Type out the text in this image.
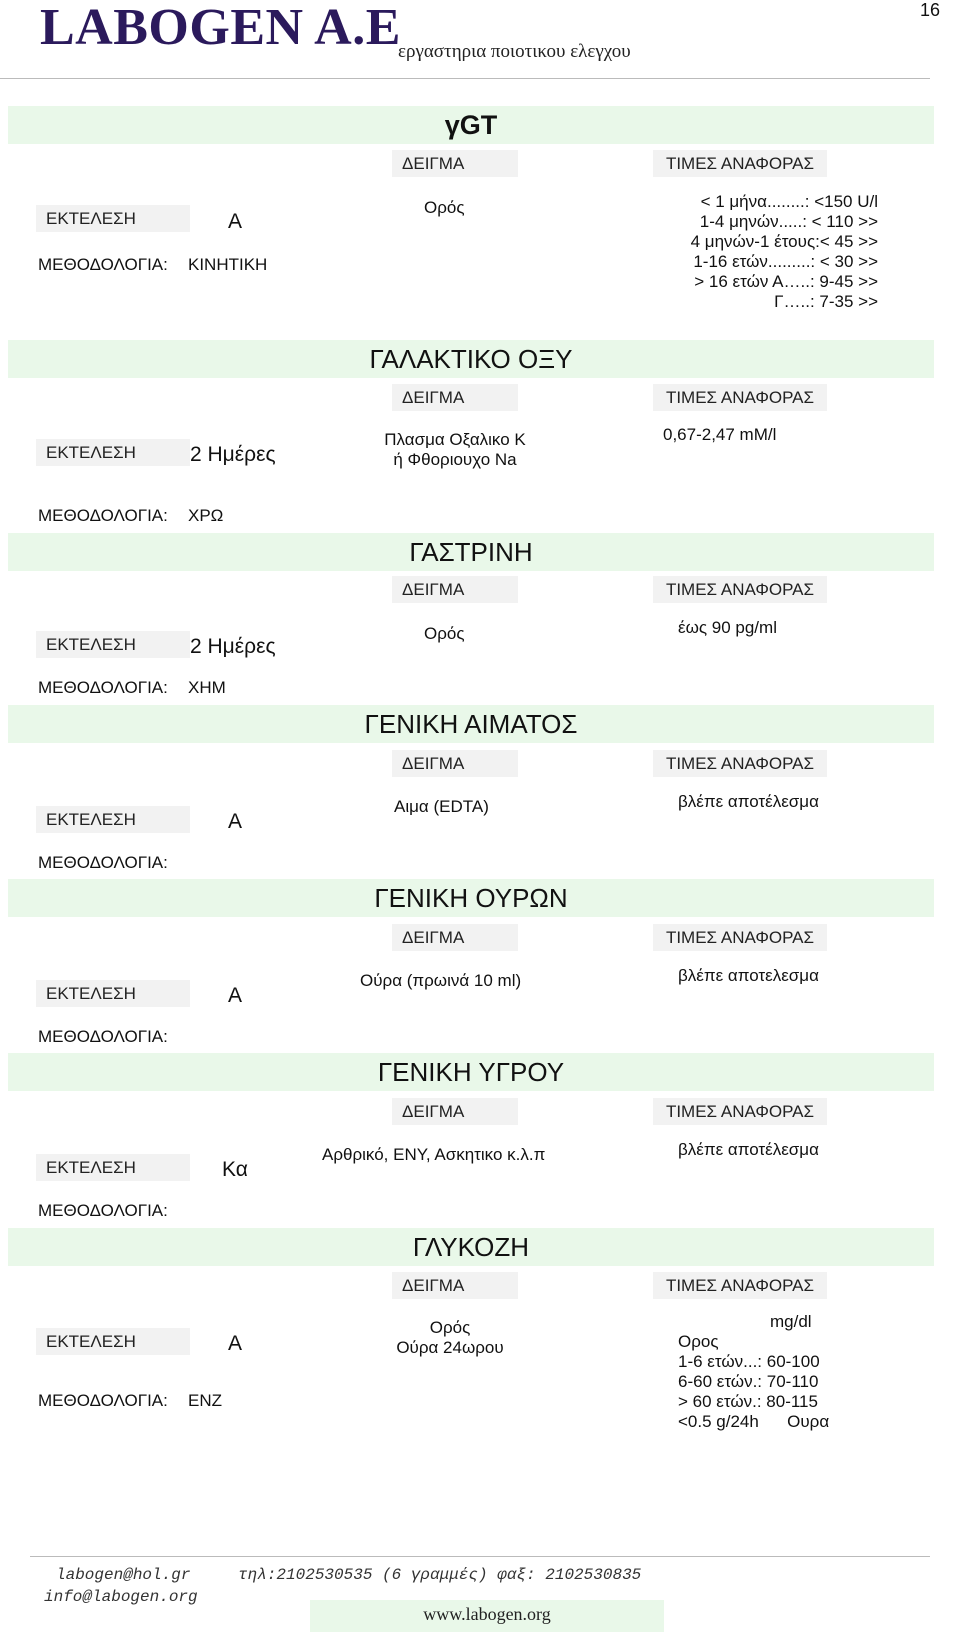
LABOGEN A.E
εργαστηρια ποιοτικου ελεγχου
16
γGT
ΔΕΙΓΜΑ	ΤΙΜΕΣ ΑΝΑΦΟΡΑΣ
ΕΚΤΕΛΕΣΗ	Α
ΜΕΘΟΔΟΛΟΓΙΑ: ΚΙΝΗΤΙΚΗ
Ορός	< 1 μήνα........: <150 U/l
1-4 μηνών.....: < 110 >>
4 μηνών-1 έτους:< 45 >>
1-16 ετών.........: < 30 >>
> 16 ετών Α…..: 9-45 >>
Γ…..: 7-35 >>
ΓΑΛΑΚΤΙΚΟ ΟΞΥ
ΔΕΙΓΜΑ	ΤΙΜΕΣ ΑΝΑΦΟΡΑΣ
ΕΚΤΕΛΕΣΗ	2 Ημέρες
Πλασμα Οξαλικο Κ
ή Φθοριουχο Na
0,67-2,47 mM/l
ΜΕΘΟΔΟΛΟΓΙΑ: ΧΡΩ
ΓΑΣΤΡΙΝΗ
ΔΕΙΓΜΑ	ΤΙΜΕΣ ΑΝΑΦΟΡΑΣ
ΕΚΤΕΛΕΣΗ	2 Ημέρες
Ορός	έως 90 pg/ml
ΜΕΘΟΔΟΛΟΓΙΑ: ΧΗΜ
ΓΕΝΙΚΗ ΑΙΜΑΤΟΣ
ΔΕΙΓΜΑ	ΤΙΜΕΣ ΑΝΑΦΟΡΑΣ
ΕΚΤΕΛΕΣΗ	Α
Αιμα (EDTA)	βλέπε αποτέλεσμα
ΜΕΘΟΔΟΛΟΓΙΑ:
ΓΕΝΙΚΗ ΟΥΡΩΝ
ΔΕΙΓΜΑ	ΤΙΜΕΣ ΑΝΑΦΟΡΑΣ
ΕΚΤΕΛΕΣΗ	Α
Ούρα (πρωινά 10 ml)	βλέπε αποτελεσμα
ΜΕΘΟΔΟΛΟΓΙΑ:
ΓΕΝΙΚΗ ΥΓΡΟΥ
ΔΕΙΓΜΑ	ΤΙΜΕΣ ΑΝΑΦΟΡΑΣ
ΕΚΤΕΛΕΣΗ	Κα
Αρθρικό, ΕΝΥ, Ασκητικο κ.λ.π	βλέπε αποτέλεσμα
ΜΕΘΟΔΟΛΟΓΙΑ:
ΓΛΥΚΟΖΗ
ΔΕΙΓΜΑ	ΤΙΜΕΣ ΑΝΑΦΟΡΑΣ
ΕΚΤΕΛΕΣΗ	Α
Ορός
Ούρα 24ωρου
mg/dl
Ορος
1-6 ετών...: 60-100
6-60 ετών.: 70-110
> 60 ετών.: 80-115
<0.5 g/24h      Ουρα
ΜΕΘΟΔΟΛΟΓΙΑ: ΕΝΖ
labogen@hol.gr
info@labogen.org
τηλ:2102530535 (6 γραμμές) φαξ: 2102530835
www.labogen.org
